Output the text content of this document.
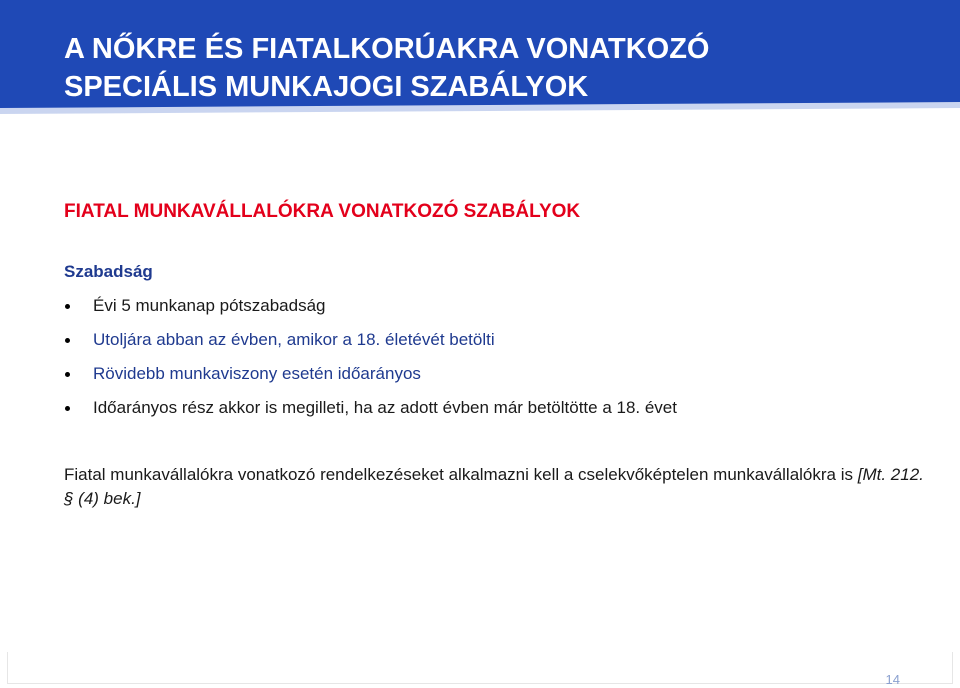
A NŐKRE ÉS FIATALKORÚAKRA VONATKOZÓ
SPECIÁLIS MUNKAJOGI SZABÁLYOK
FIATAL MUNKAVÁLLALÓKRA VONATKOZÓ SZABÁLYOK
Szabadság
Évi 5 munkanap pótszabadság
Utoljára abban az évben, amikor a 18. életévét betölti
Rövidebb munkaviszony esetén időarányos
Időarányos rész akkor is megilleti, ha az adott évben már betöltötte a 18. évet

Fiatal munkavállalókra vonatkozó rendelkezéseket alkalmazni kell a cselekvőképtelen munkavállalókra is [Mt. 212. § (4) bek.]

14
